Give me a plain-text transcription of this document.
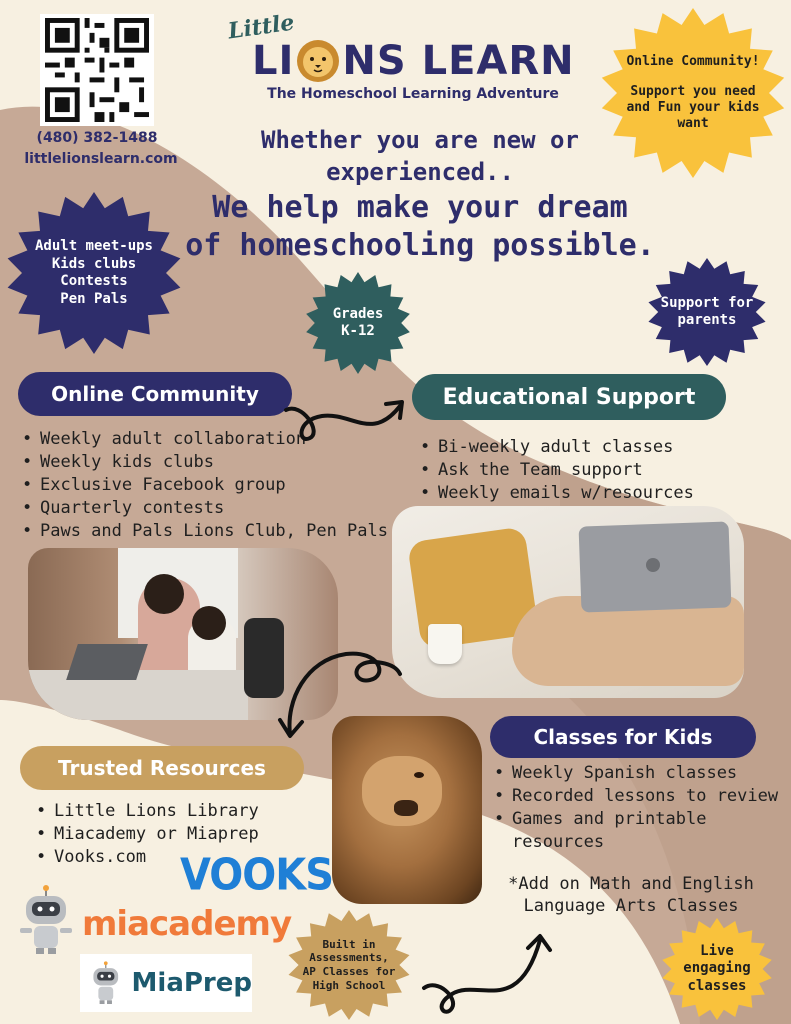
(480) 382-1488
littlelionslearn.com
Little
LI NS LEARN
The Homeschool Learning Adventure
Whether you are new or
experienced..
We help make your dream
of homeschooling possible.
Online Community!
Support you need
and Fun your kids
want
Adult meet-ups
Kids clubs
Contests
Pen Pals
Grades
K-12
Support for
parents
Online Community
• Weekly adult collaboration
• Weekly kids clubs
• Exclusive Facebook group
• Quarterly contests
• Paws and Pals Lions Club, Pen Pals
Educational Support
• Bi-weekly adult classes
• Ask the Team support
• Weekly emails w/resources
Trusted Resources
• Little Lions Library
• Miacademy or Miaprep
• Vooks.com VOOKS
miacademy
MiaPrep
Classes for Kids
• Weekly Spanish classes
• Recorded lessons to review
• Games and printable
resources
*Add on Math and English
Language Arts Classes
Built in
Assessments,
AP Classes for
High School
Live
engaging
classes
